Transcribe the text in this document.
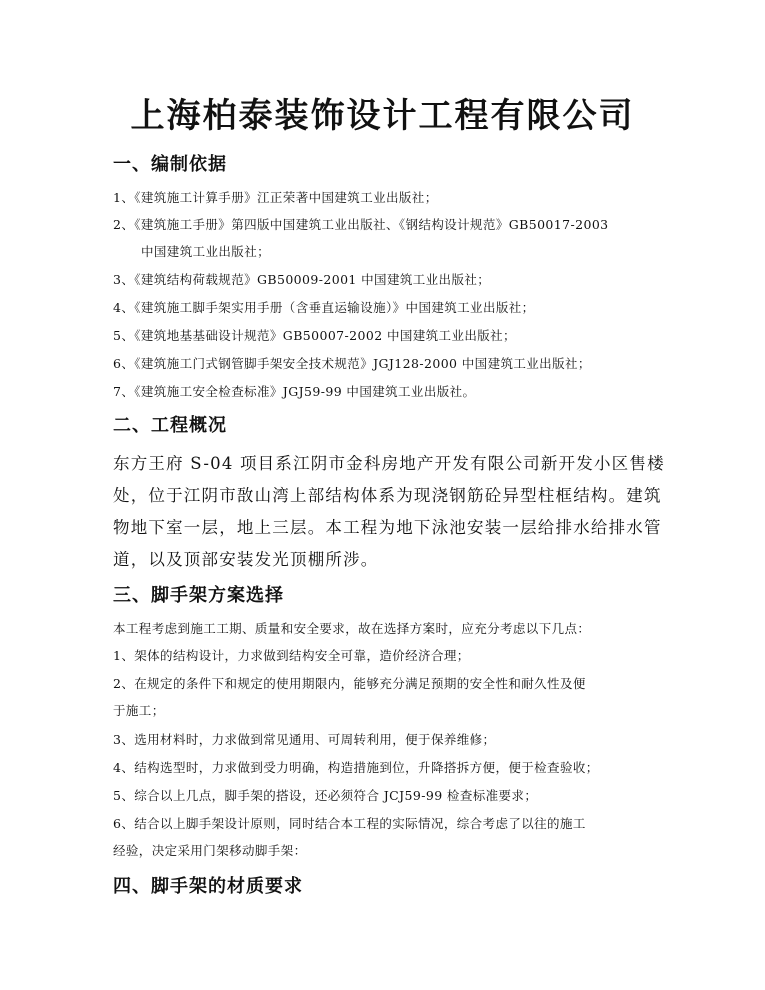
上海柏泰装饰设计工程有限公司
一、编制依据
1、《建筑施工计算手册》江正荣著中国建筑工业出版社；
2、《建筑施工手册》第四版中国建筑工业出版社、《钢结构设计规范》GB50017-2003
中国建筑工业出版社；
3、《建筑结构荷载规范》GB50009-2001 中国建筑工业出版社；
4、《建筑施工脚手架实用手册（含垂直运输设施）》中国建筑工业出版社；
5、《建筑地基基础设计规范》GB50007-2002 中国建筑工业出版社；
6、《建筑施工门式钢管脚手架安全技术规范》JGJ128-2000 中国建筑工业出版社；
7、《建筑施工安全检查标准》JGJ59-99 中国建筑工业出版社。
二、工程概况
东方王府 S-04 项目系江阴市金科房地产开发有限公司新开发小区售楼
处，位于江阴市敔山湾上部结构体系为现浇钢筋砼异型柱框结构。建筑
物地下室一层，地上三层。本工程为地下泳池安装一层给排水给排水管
道，以及顶部安装发光顶棚所涉。
三、脚手架方案选择
本工程考虑到施工工期、质量和安全要求，故在选择方案时，应充分考虑以下几点：
1、架体的结构设计，力求做到结构安全可靠，造价经济合理；
2、在规定的条件下和规定的使用期限内，能够充分满足预期的安全性和耐久性及便
于施工；
3、选用材料时，力求做到常见通用、可周转利用，便于保养维修；
4、结构选型时，力求做到受力明确，构造措施到位，升降搭拆方便，便于检查验收；
5、综合以上几点，脚手架的搭设，还必须符合 JCJ59-99 检查标准要求；
6、结合以上脚手架设计原则，同时结合本工程的实际情况，综合考虑了以往的施工
经验，决定采用门架移动脚手架：
四、脚手架的材质要求
